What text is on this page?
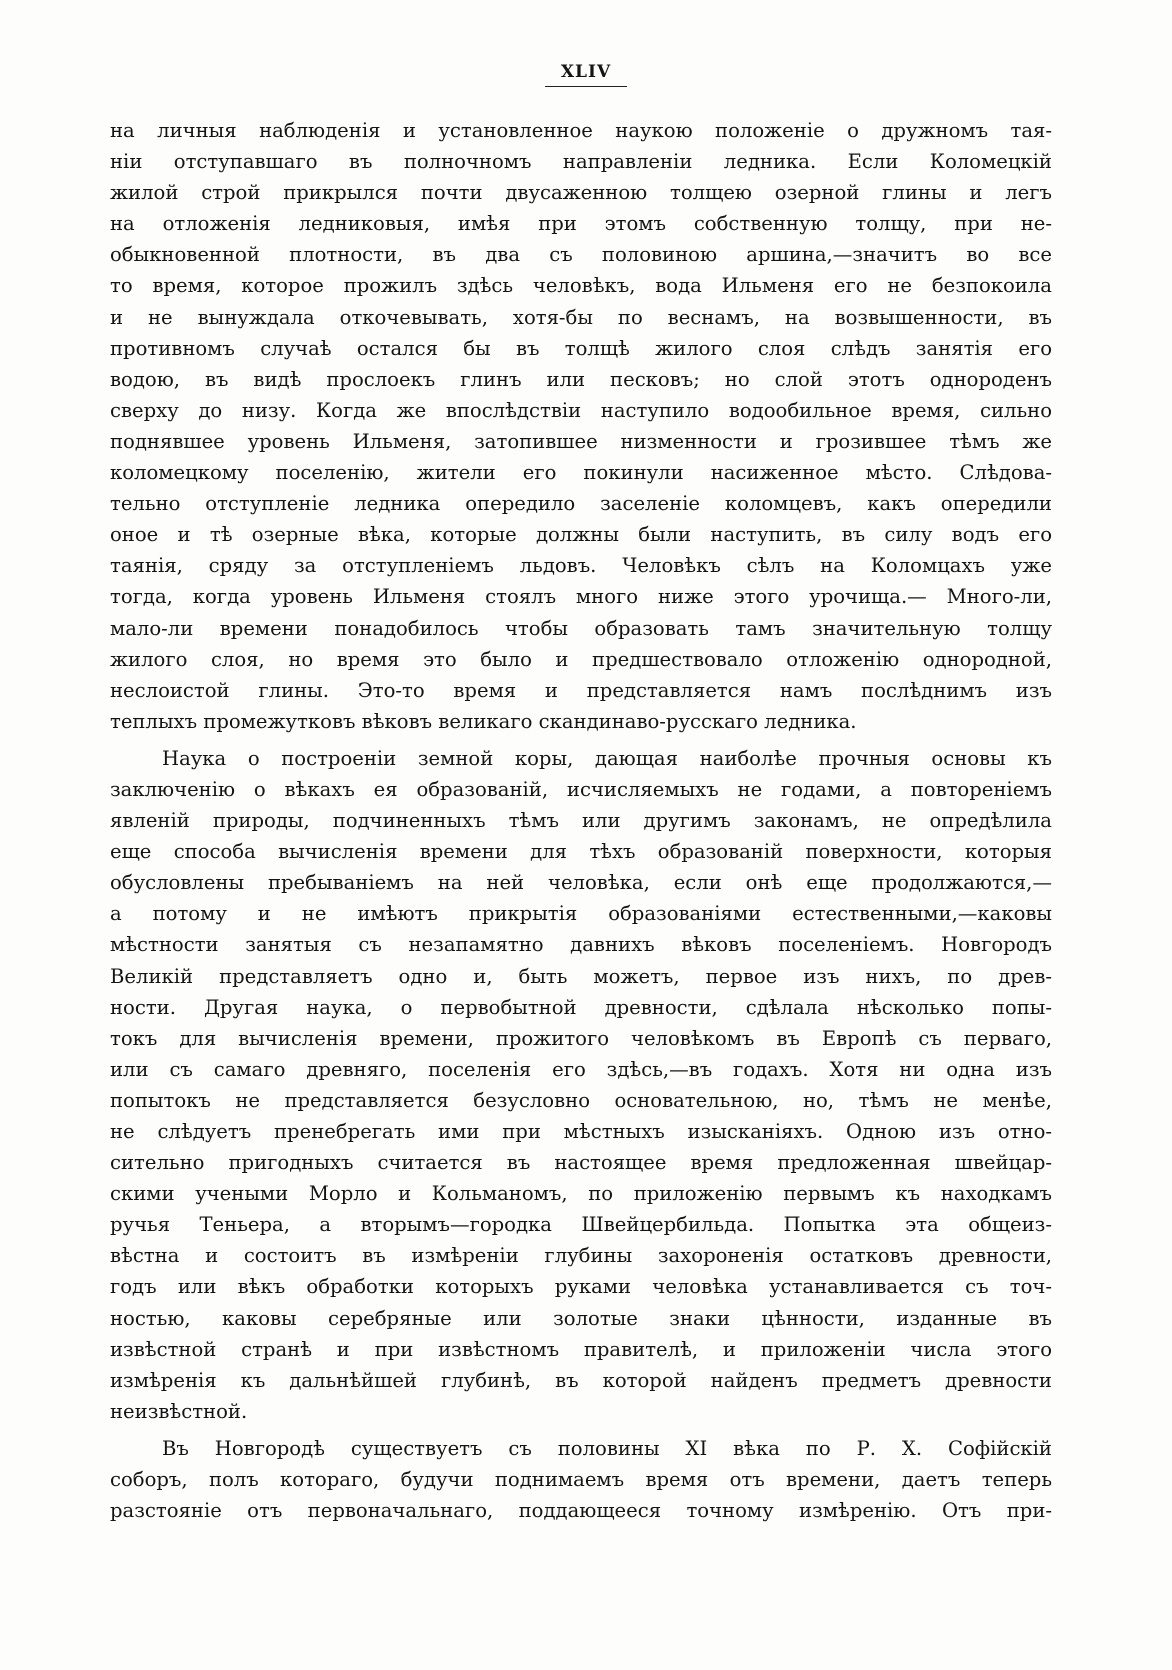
XLIV
на личныя наблюденія и установленное наукою положеніе о дружномъ тая-
ніи отступавшаго въ полночномъ направленіи ледника. Если Коломецкій
жилой строй прикрылся почти двусаженною толщею озерной глины и легъ
на отложенія ледниковыя, имѣя при этомъ собственную толщу, при не-
обыкновенной плотности, въ два съ половиною аршина,—значитъ во все
то время, которое прожилъ здѣсь человѣкъ, вода Ильменя его не безпокоила
и не вынуждала откочевывать, хотя-бы по веснамъ, на возвышенности, въ
противномъ случаѣ остался бы въ толщѣ жилого слоя слѣдъ занятія его
водою, въ видѣ прослоекъ глинъ или песковъ; но слой этотъ однороденъ
сверху до низу. Когда же впослѣдствіи наступило водообильное время, сильно
поднявшее уровень Ильменя, затопившее низменности и грозившее тѣмъ же
коломецкому поселенію, жители его покинули насиженное мѣсто. Слѣдова-
тельно отступленіе ледника опередило заселеніе коломцевъ, какъ опередили
оное и тѣ озерные вѣка, которые должны были наступить, въ силу водъ его
таянія, сряду за отступленіемъ льдовъ. Человѣкъ сѣлъ на Коломцахъ уже
тогда, когда уровень Ильменя стоялъ много ниже этого урочища.— Много-ли,
мало-ли времени понадобилось чтобы образовать тамъ значительную толщу
жилого слоя, но время это было и предшествовало отложенію однородной,
неслоистой глины. Это-то время и представляется намъ послѣднимъ изъ
теплыхъ промежутковъ вѣковъ великаго скандинаво-русскаго ледника.
Наука о построеніи земной коры, дающая наиболѣе прочныя основы къ
заключенію о вѣкахъ ея образованій, исчисляемыхъ не годами, а повтореніемъ
явленій природы, подчиненныхъ тѣмъ или другимъ законамъ, не опредѣлила
еще способа вычисленія времени для тѣхъ образованій поверхности, которыя
обусловлены пребываніемъ на ней человѣка, если онѣ еще продолжаются,—
а потому и не имѣютъ прикрытія образованіями естественными,—каковы
мѣстности занятыя съ незапамятно давнихъ вѣковъ поселеніемъ. Новгородъ
Великій представляетъ одно и, быть можетъ, первое изъ нихъ, по древ-
ности. Другая наука, о первобытной древности, сдѣлала нѣсколько попы-
токъ для вычисленія времени, прожитого человѣкомъ въ Европѣ съ перваго,
или съ самаго древняго, поселенія его здѣсь,—въ годахъ. Хотя ни одна изъ
попытокъ не представляется безусловно основательною, но, тѣмъ не менѣе,
не слѣдуетъ пренебрегать ими при мѣстныхъ изысканіяхъ. Одною изъ отно-
сительно пригодныхъ считается въ настоящее время предложенная швейцар-
скими учеными Морло и Кольманомъ, по приложенію первымъ къ находкамъ
ручья Теньера, а вторымъ—городка Швейцербильда. Попытка эта общеиз-
вѣстна и состоитъ въ измѣреніи глубины захороненія остатковъ древности,
годъ или вѣкъ обработки которыхъ руками человѣка устанавливается съ точ-
ностью, каковы серебряные или золотые знаки цѣнности, изданные въ
извѣстной странѣ и при извѣстномъ правителѣ, и приложеніи числа этого
измѣренія къ дальнѣйшей глубинѣ, въ которой найденъ предметъ древности
неизвѣстной.
Въ Новгородѣ существуетъ съ половины XI вѣка по Р. Х. Софійскій
соборъ, полъ котораго, будучи поднимаемъ время отъ времени, даетъ теперь
разстояніе отъ первоначальнаго, поддающееся точному измѣренію. Отъ при-
